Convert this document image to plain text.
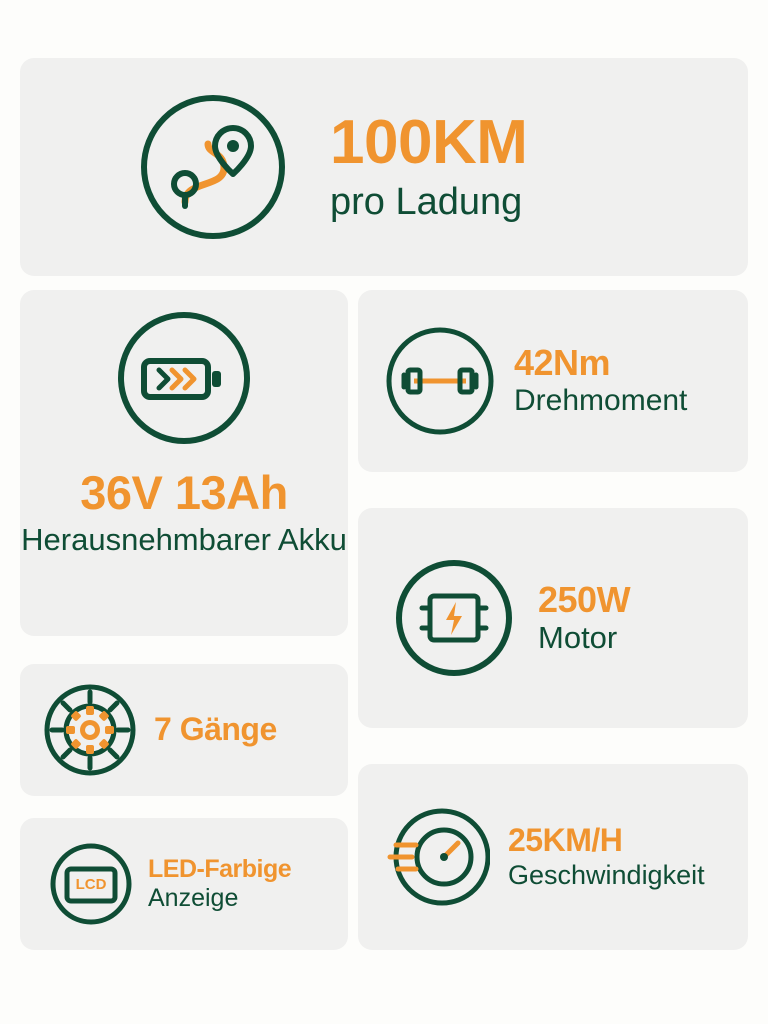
100KM
pro Ladung
36V 13Ah
Herausnehmbarer Akku
42Nm
Drehmoment
250W
Motor
7 Gänge
LCD
LED-Farbige
Anzeige
25KM/H
Geschwindigkeit
